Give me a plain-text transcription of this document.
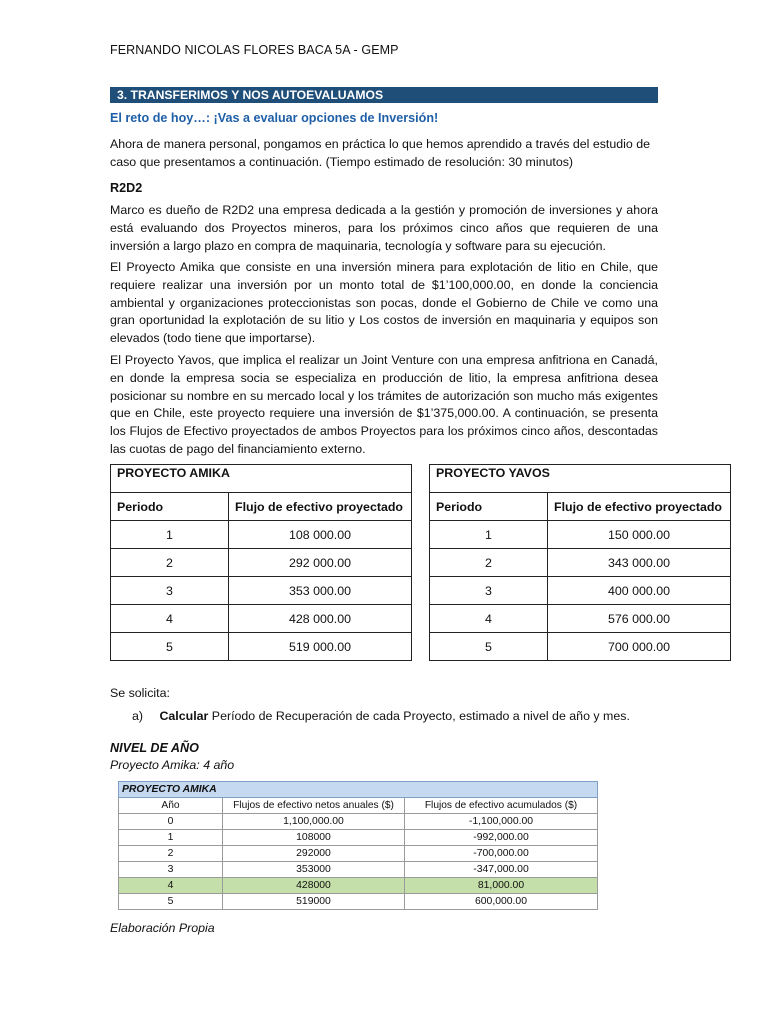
FERNANDO NICOLAS FLORES BACA 5A - GEMP
3. TRANSFERIMOS Y NOS AUTOEVALUAMOS
El reto de hoy…: ¡Vas a evaluar opciones de Inversión!
Ahora de manera personal, pongamos en práctica lo que hemos aprendido a través del estudio de caso que presentamos a continuación. (Tiempo estimado de resolución: 30 minutos)
R2D2
Marco es dueño de R2D2 una empresa dedicada a la gestión y promoción de inversiones y ahora está evaluando dos Proyectos mineros, para los próximos cinco años que requieren de una inversión a largo plazo en compra de maquinaria, tecnología y software para su ejecución.
El Proyecto Amika que consiste en una inversión minera para explotación de litio en Chile, que requiere realizar una inversión por un monto total de $1’100,000.00, en donde la conciencia ambiental y organizaciones proteccionistas son pocas, donde el Gobierno de Chile ve como una gran oportunidad la explotación de su litio y Los costos de inversión en maquinaria y equipos son elevados (todo tiene que importarse).
El Proyecto Yavos, que implica el realizar un Joint Venture con una empresa anfitriona en Canadá, en donde la empresa socia se especializa en producción de litio, la empresa anfitriona desea posicionar su nombre en su mercado local y los trámites de autorización son mucho más exigentes que en Chile, este proyecto requiere una inversión de $1’375,000.00. A continuación, se presenta los Flujos de Efectivo proyectados de ambos Proyectos para los próximos cinco años, descontadas las cuotas de pago del financiamiento externo.
PROYECTO AMIKA	
Periodo	Flujo de efectivo proyectado
1	108 000.00
2	292 000.00
3	353 000.00
4	428 000.00
5	519 000.00
PROYECTO YAVOS	
Periodo	Flujo de efectivo proyectado
1	150 000.00
2	343 000.00
3	400 000.00
4	576 000.00
5	700 000.00
Se solicita:
a) Calcular Período de Recuperación de cada Proyecto, estimado a nivel de año y mes.
NIVEL DE AÑO
Proyecto Amika: 4 año
PROYECTO AMIKA		
Año	Flujos de efectivo netos anuales ($)	Flujos de efectivo acumulados ($)
0	1,100,000.00	-1,100,000.00
1	108000	-992,000.00
2	292000	-700,000.00
3	353000	-347,000.00
4	428000	81,000.00
5	519000	600,000.00
Elaboración Propia
